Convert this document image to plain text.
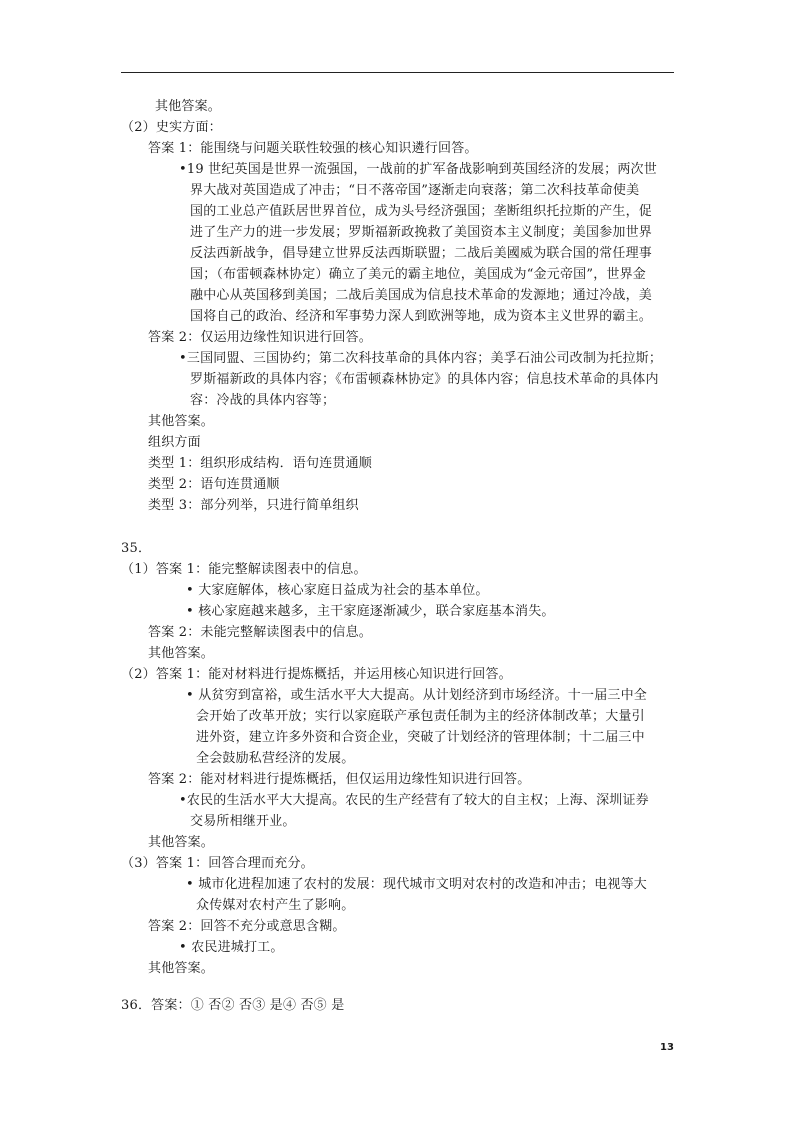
其他答案。
（2）史实方面：
答案 1：能围绕与问题关联性较强的核心知识遴行回答。
•19 世纪英国是世界一流强国，一战前的扩军备战影响到英国经济的发展；两次世
界大战对英国造成了冲击；“日不落帝国”逐渐走向衰落；第二次科技革命使美
国的工业总产值跃居世界首位，成为头号经济强国；垄断组织托拉斯的产生，促
进了生产力的进一步发展；罗斯福新政挽救了美国资本主义制度；美国参加世界
反法西新战争，倡导建立世界反法西斯联盟；二战后美國威为联合国的常任理事
国；（布雷顿森林协定）确立了美元的霸主地位，美国成为“金元帝国”，世界金
融中心从英国移到美国；二战后美国成为信息技术革命的发源地；通过冷战，美
国将自己的政治、经济和军事势力深人到欧洲等地，成为资本主义世界的霸主。
答案 2：仅运用边缘性知识进行回答。
•三国同盟、三国协约；第二次科技革命的具体内容；美孚石油公司改制为托拉斯；
罗斯福新政的具体内容；《布雷顿森林协定》的具体内容；信息技术革命的具体内
容：冷战的具体内容等；
其他答案。
组织方面
类型 1：组织形成结构．语句连贯通顺
类型 2：语句连贯通顺
类型 3：部分列举，只进行简单组织
35．
（1）答案 1：能完整解读图表中的信息。
• 大家庭解体，核心家庭日益成为社会的基本单位。
• 核心家庭越来越多，主干家庭逐渐减少，联合家庭基本消失。
答案 2：未能完整解读图表中的信息。
其他答案。
（2）答案 1：能对材料进行提炼概括，并运用核心知识进行回答。
• 从贫穷到富裕，或生活水平大大提高。从计划经济到市场经济。十一届三中全
会开始了改革开放；实行以家庭联产承包责任制为主的经济体制改革；大量引
进外资，建立许多外资和合资企业，突破了计划经济的管理体制；十二届三中
全会鼓励私营经济的发展。
答案 2：能对材料进行提炼概括，但仅运用边缘性知识进行回答。
•农民的生活水平大大提高。农民的生产经营有了较大的自主权；上海、深圳证券
交易所相继开业。
其他答案。
（3）答案 1：回答合理而充分。
• 城市化进程加速了农村的发展：现代城市文明对农村的改造和冲击；电视等大
众传媒对农村产生了影响。
答案 2：回答不充分或意思含糊。
• 农民进城打工。
其他答案。
36．答案：① 否② 否③ 是④ 否⑤ 是
13
